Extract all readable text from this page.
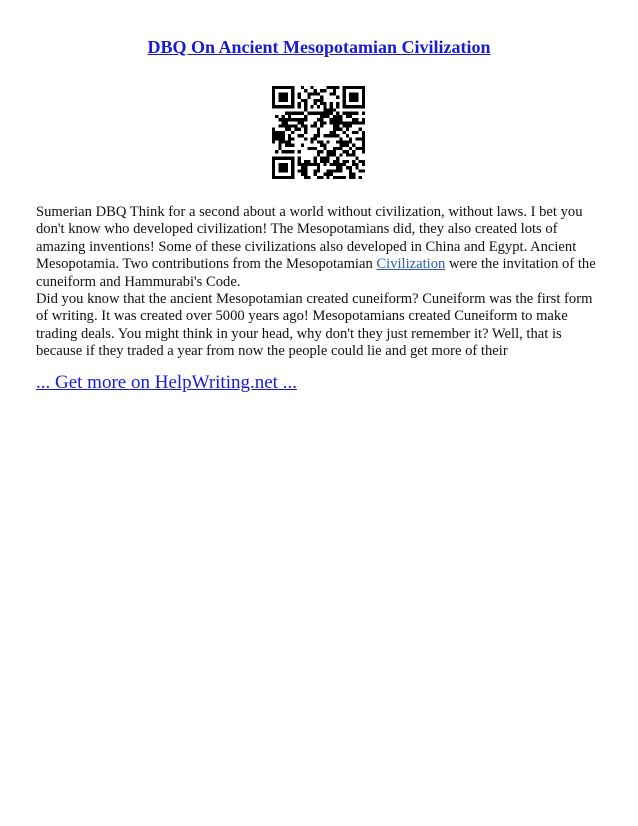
DBQ On Ancient Mesopotamian Civilization

Sumerian DBQ Think for a second about a world without civilization, without laws. I bet you don't know who developed civilization! The Mesopotamians did, they also created lots of amazing inventions! Some of these civilizations also developed in China and Egypt. Ancient Mesopotamia. Two contributions from the Mesopotamian Civilization were the invitation of the cuneiform and Hammurabi's Code.

Did you know that the ancient Mesopotamian created cuneiform? Cuneiform was the first form of writing. It was created over 5000 years ago! Mesopotamians created Cuneiform to make trading deals. You might think in your head, why don't they just remember it? Well, that is because if they traded a year from now the people could lie and get more of their

... Get more on HelpWriting.net ...
